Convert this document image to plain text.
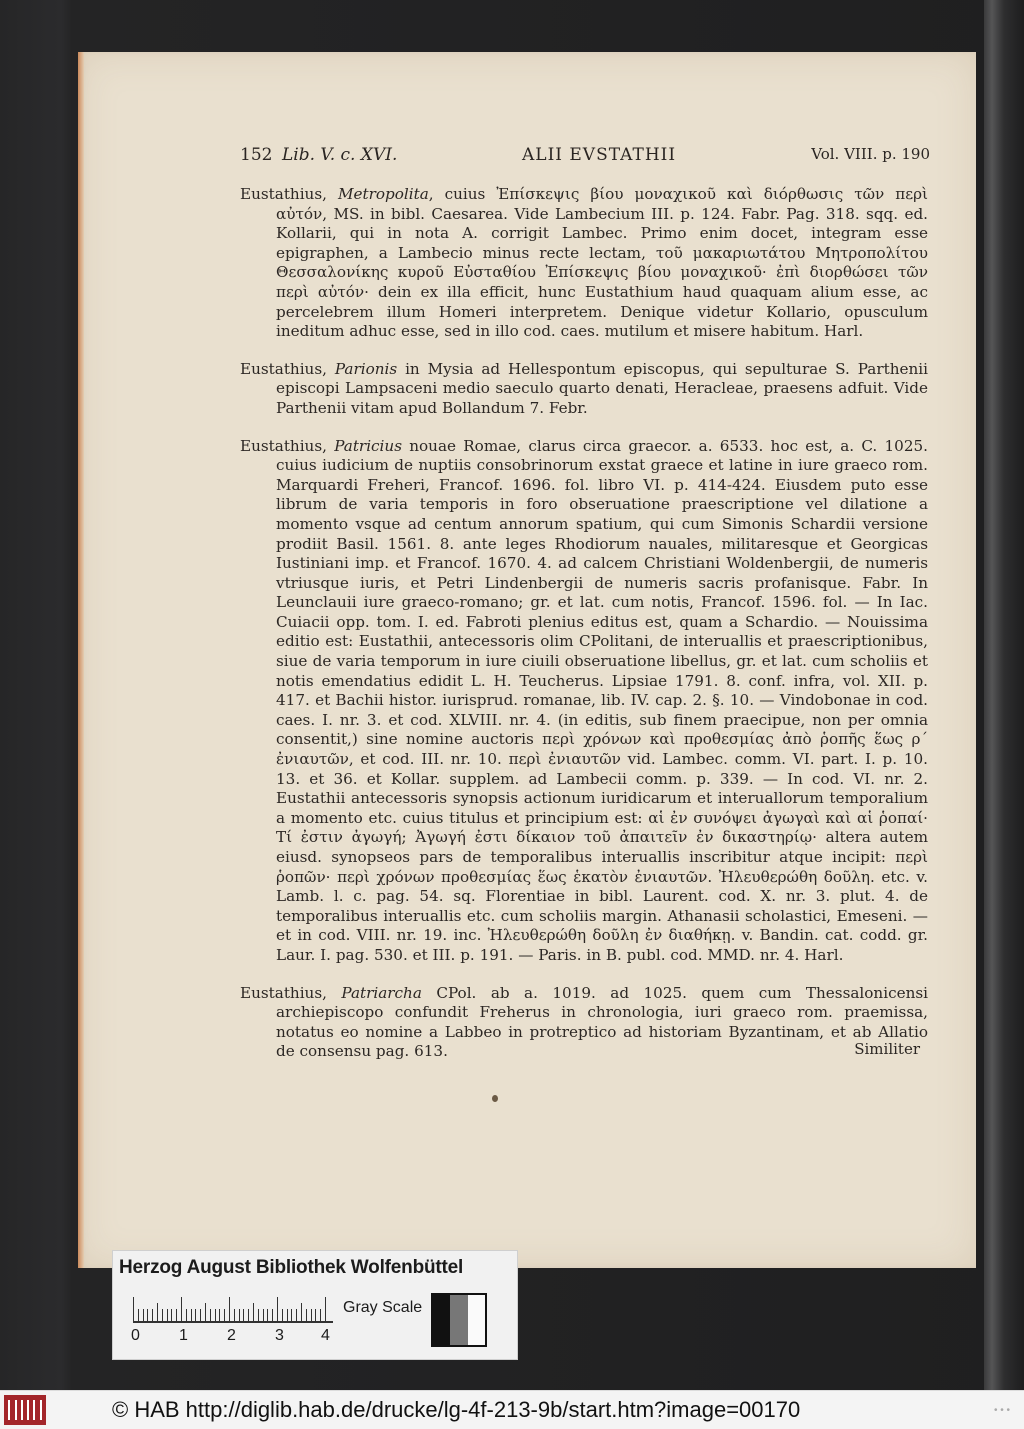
152 Lib. V. c. XVI.	ALII EVSTATHII	Vol. VIII. p. 190

Eustathius, Metropolita, cuius Ἐπίσκεψις βίου μοναχικοῦ καὶ διόρθωσις τῶν περὶ αὐτόν, MS. in bibl. Caesarea. Vide Lambecium III. p. 124. Fabr. Pag. 318. sqq. ed. Kollarii, qui in nota A. corrigit Lambec. Primo enim docet, integram esse epigraphen, a Lambecio minus recte lectam, τοῦ μακαριωτάτου Μητροπολίτου Θεσσαλονίκης κυροῦ Εὐσταθίου Ἐπίσκεψις βίου μοναχικοῦ· ἐπὶ διορθώσει τῶν περὶ αὐτόν· dein ex illa efficit, hunc Eustathium haud quaquam alium esse, ac percelebrem illum Homeri interpretem. Denique videtur Kollario, opusculum ineditum adhuc esse, sed in illo cod. caes. mutilum et misere habitum. Harl.

Eustathius, Parionis in Mysia ad Hellespontum episcopus, qui sepulturae S. Parthenii episcopi Lampsaceni medio saeculo quarto denati, Heracleae, praesens adfuit. Vide Parthenii vitam apud Bollandum 7. Febr.

Eustathius, Patricius nouae Romae, clarus circa graecor. a. 6533. hoc est, a. C. 1025. cuius iudicium de nuptiis consobrinorum exstat graece et latine in iure graeco rom. Marquardi Freheri, Francof. 1696. fol. libro VI. p. 414-424. Eiusdem puto esse librum de varia temporis in foro obseruatione praescriptione vel dilatione a momento vsque ad centum annorum spatium, qui cum Simonis Schardii versione prodiit Basil. 1561. 8. ante leges Rhodiorum nauales, militaresque et Georgicas Iustiniani imp. et Francof. 1670. 4. ad calcem Christiani Woldenbergii, de numeris vtriusque iuris, et Petri Lindenbergii de numeris sacris profanisque. Fabr. In Leunclauii iure graeco-romano; gr. et lat. cum notis, Francof. 1596. fol. — In Iac. Cuiacii opp. tom. I. ed. Fabroti plenius editus est, quam a Schardio. — Nouissima editio est: Eustathii, antecessoris olim CPolitani, de interuallis et praescriptionibus, siue de varia temporum in iure ciuili obseruatione libellus, gr. et lat. cum scholiis et notis emendatius edidit L. H. Teucherus. Lipsiae 1791. 8. conf. infra, vol. XII. p. 417. et Bachii histor. iurisprud. romanae, lib. IV. cap. 2. §. 10. — Vindobonae in cod. caes. I. nr. 3. et cod. XLVIII. nr. 4. (in editis, sub finem praecipue, non per omnia consentit,) sine nomine auctoris περὶ χρόνων καὶ προθεσμίας ἀπὸ ῥοπῆς ἕως ρ´ ἐνιαυτῶν, et cod. III. nr. 10. περὶ ἐνιαυτῶν vid. Lambec. comm. VI. part. I. p. 10. 13. et 36. et Kollar. supplem. ad Lambecii comm. p. 339. — In cod. VI. nr. 2. Eustathii antecessoris synopsis actionum iuridicarum et interuallorum temporalium a momento etc. cuius titulus et principium est: αἱ ἐν συνόψει ἀγωγαὶ καὶ αἱ ῥοπαί· Τί ἐστιν ἀγωγή; Ἀγωγή ἐστι δίκαιον τοῦ ἀπαιτεῖν ἐν δικαστηρίῳ· altera autem eiusd. synopseos pars de temporalibus interuallis inscribitur atque incipit: περὶ ῥοπῶν· περὶ χρόνων προθεσμίας ἕως ἑκατὸν ἐνιαυτῶν. Ἠλευθερώθη δοῦλη. etc. v. Lamb. l. c. pag. 54. sq. Florentiae in bibl. Laurent. cod. X. nr. 3. plut. 4. de temporalibus interuallis etc. cum scholiis margin. Athanasii scholastici, Emeseni. — et in cod. VIII. nr. 19. inc. Ἠλευθερώθη δοῦλη ἐν διαθήκῃ. v. Bandin. cat. codd. gr. Laur. I. pag. 530. et III. p. 191. — Paris. in B. publ. cod. MMD. nr. 4. Harl.

Eustathius, Patriarcha CPol. ab a. 1019. ad 1025. quem cum Thessalonicensi archiepiscopo confundit Freherus in chronologia, iuri graeco rom. praemissa, notatus eo nomine a Labbeo in protreptico ad historiam Byzantinam, et ab Allatio de consensu pag. 613.	Similiter
Herzog August Bibliothek Wolfenbüttel
Gray Scale
0 1 2 3 4
© HAB http://diglib.hab.de/drucke/lg-4f-213-9b/start.htm?image=00170	• • •
